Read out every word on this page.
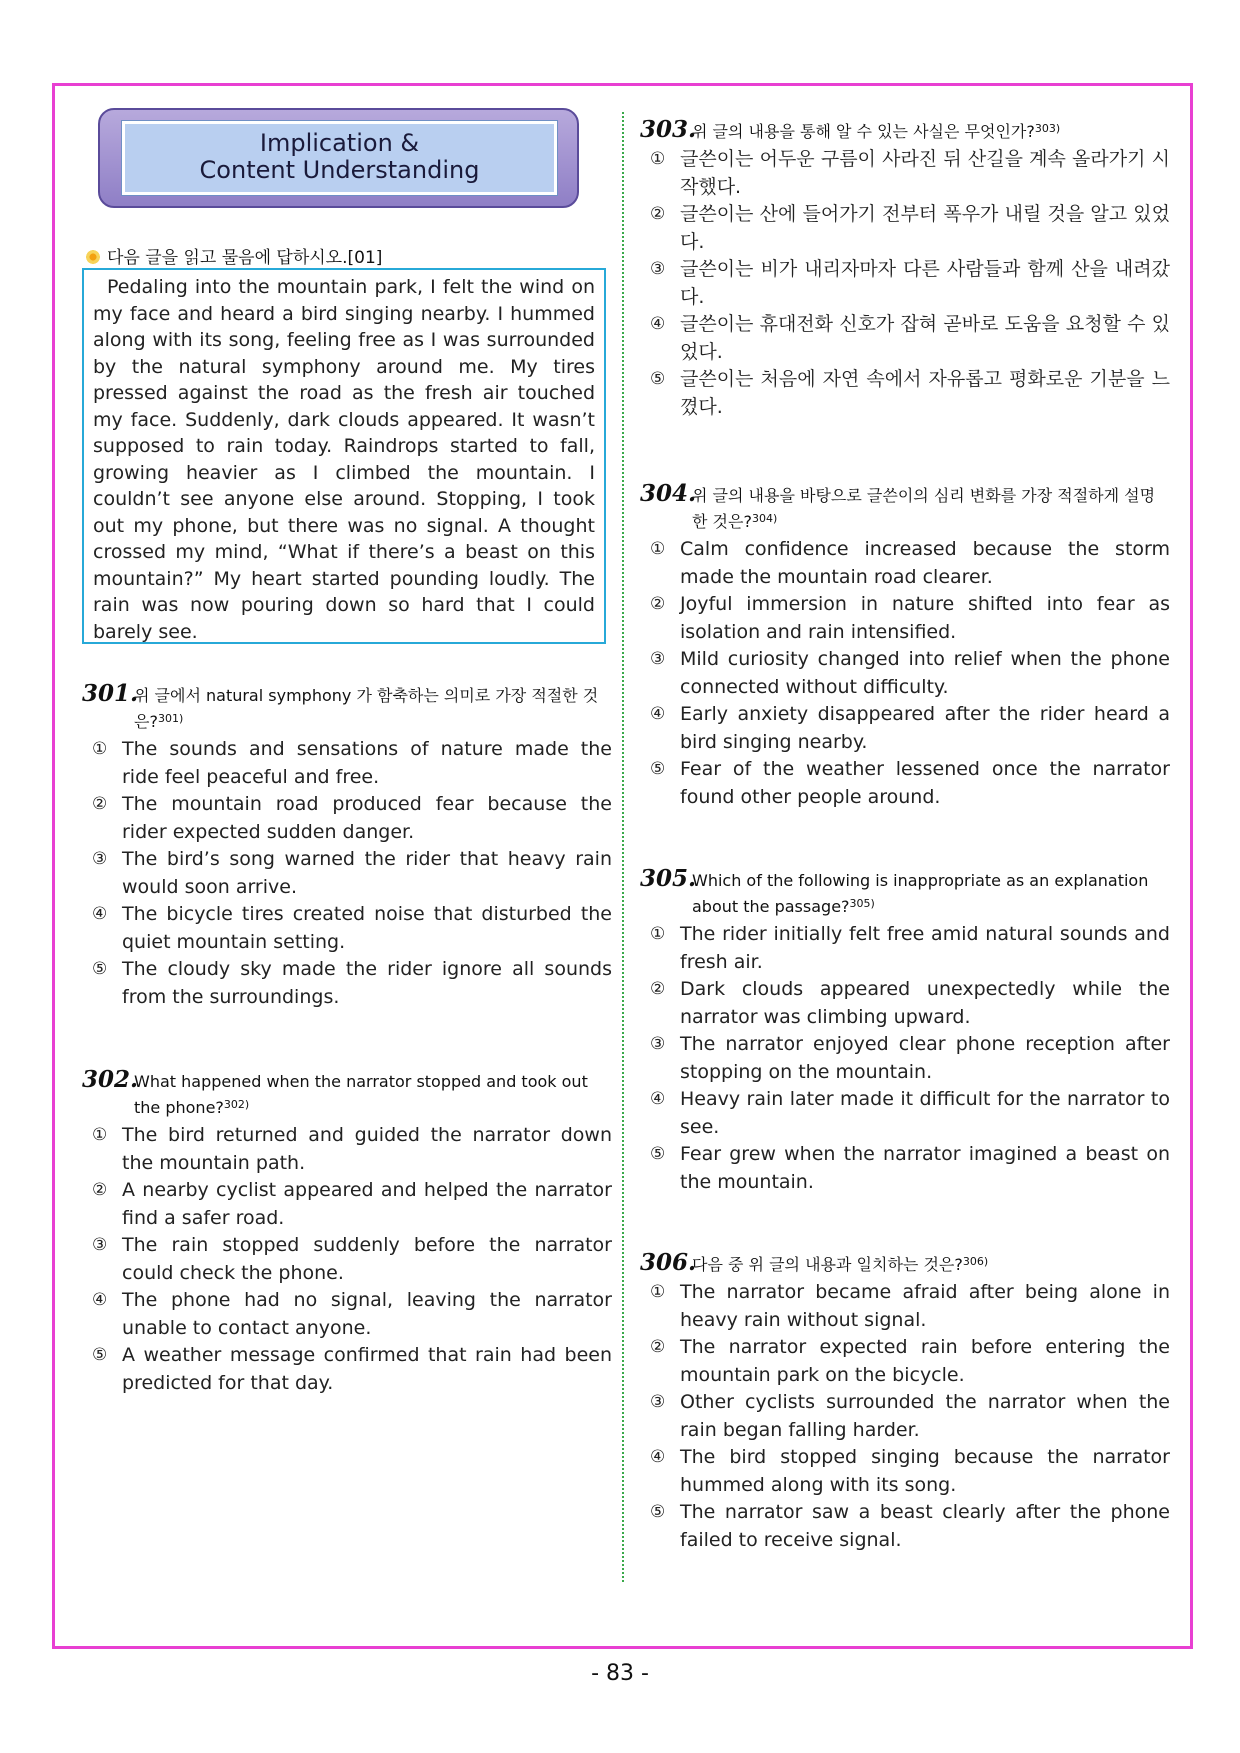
Implication &
Content Understanding
다음 글을 읽고 물음에 답하시오.[01]
Pedaling into the mountain park, I felt the wind on my face and heard a bird singing nearby. I hummed along with its song, feeling free as I was surrounded by the natural symphony around me. My tires pressed against the road as the fresh air touched my face. Suddenly, dark clouds appeared. It wasn’t supposed to rain today. Raindrops started to fall, growing heavier as I climbed the mountain. I couldn’t see anyone else around. Stopping, I took out my phone, but there was no signal. A thought crossed my mind, “What if there’s a beast on this mountain?” My heart started pounding loudly. The rain was now pouring down so hard that I could barely see.
301.위 글에서 natural symphony 가 함축하는 의미로 가장 적절한 것은?$^{301)}$
① The sounds and sensations of nature made the ride feel peaceful and free.
② The mountain road produced fear because the rider expected sudden danger.
③ The bird’s song warned the rider that heavy rain would soon arrive.
④ The bicycle tires created noise that disturbed the quiet mountain setting.
⑤ The cloudy sky made the rider ignore all sounds from the surroundings.
302.What happened when the narrator stopped and took out the phone?$^{302)}$
① The bird returned and guided the narrator down the mountain path.
② A nearby cyclist appeared and helped the narrator find a safer road.
③ The rain stopped suddenly before the narrator could check the phone.
④ The phone had no signal, leaving the narrator unable to contact anyone.
⑤ A weather message confirmed that rain had been predicted for that day.
303.위 글의 내용을 통해 알 수 있는 사실은 무엇인가?$^{303)}$
① 글쓴이는 어두운 구름이 사라진 뒤 산길을 계속 올라가기 시작했다.
② 글쓴이는 산에 들어가기 전부터 폭우가 내릴 것을 알고 있었다.
③ 글쓴이는 비가 내리자마자 다른 사람들과 함께 산을 내려갔다.
④ 글쓴이는 휴대전화 신호가 잡혀 곧바로 도움을 요청할 수 있었다.
⑤ 글쓴이는 처음에 자연 속에서 자유롭고 평화로운 기분을 느꼈다.
304.위 글의 내용을 바탕으로 글쓴이의 심리 변화를 가장 적절하게 설명한 것은?$^{304)}$
① Calm confidence increased because the storm made the mountain road clearer.
② Joyful immersion in nature shifted into fear as isolation and rain intensified.
③ Mild curiosity changed into relief when the phone connected without difficulty.
④ Early anxiety disappeared after the rider heard a bird singing nearby.
⑤ Fear of the weather lessened once the narrator found other people around.
305.Which of the following is inappropriate as an explanation about the passage?$^{305)}$
① The rider initially felt free amid natural sounds and fresh air.
② Dark clouds appeared unexpectedly while the narrator was climbing upward.
③ The narrator enjoyed clear phone reception after stopping on the mountain.
④ Heavy rain later made it difficult for the narrator to see.
⑤ Fear grew when the narrator imagined a beast on the mountain.
306.다음 중 위 글의 내용과 일치하는 것은?$^{306)}$
① The narrator became afraid after being alone in heavy rain without signal.
② The narrator expected rain before entering the mountain park on the bicycle.
③ Other cyclists surrounded the narrator when the rain began falling harder.
④ The bird stopped singing because the narrator hummed along with its song.
⑤ The narrator saw a beast clearly after the phone failed to receive signal.
- 83 -
